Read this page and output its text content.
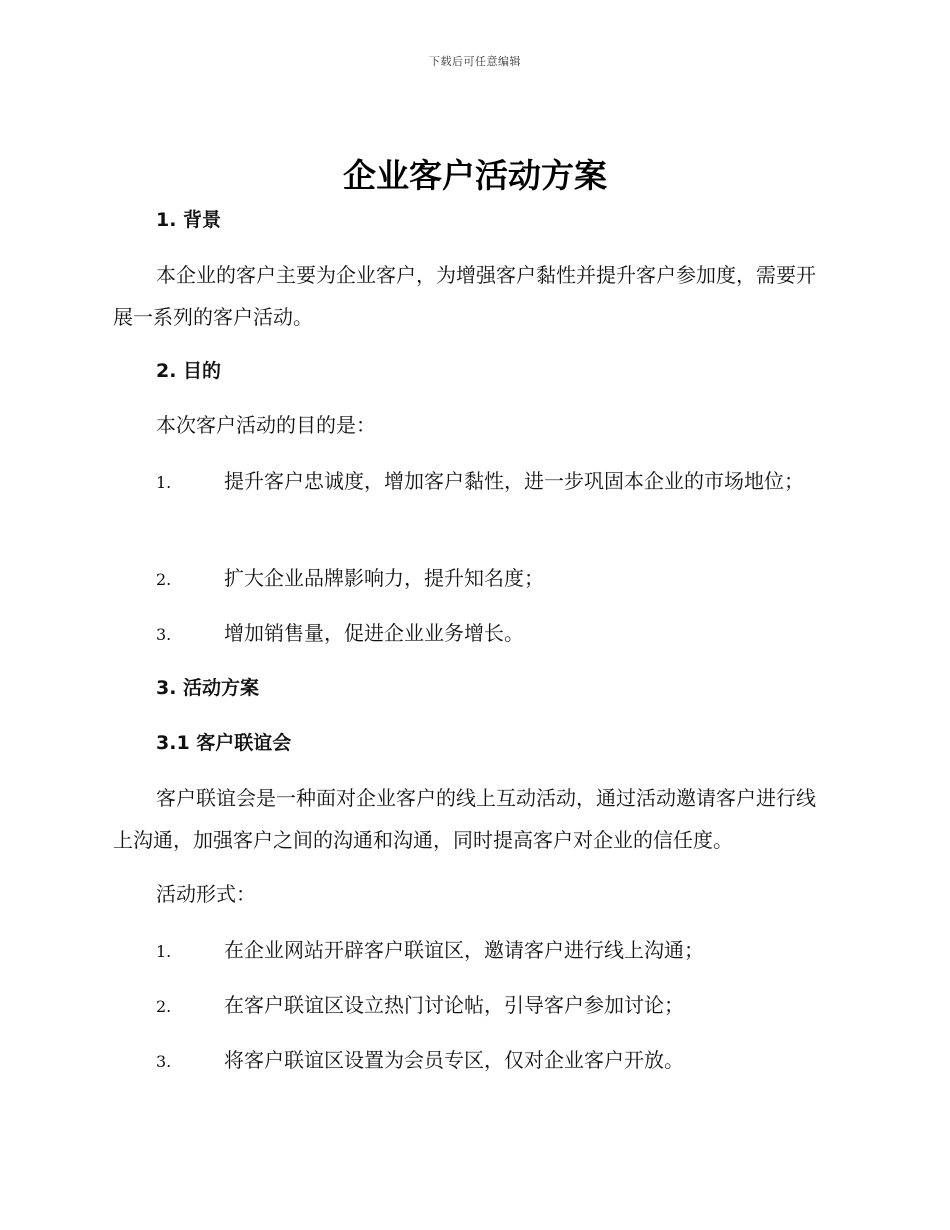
下载后可任意编辑
企业客户活动方案
1. 背景

本企业的客户主要为企业客户，为增强客户黏性并提升客户参加度，需要开展一系列的客户活动。

2. 目的

本次客户活动的目的是：

1.	提升客户忠诚度，增加客户黏性，进一步巩固本企业的市场地位；
2.	扩大企业品牌影响力，提升知名度；
3.	增加销售量，促进企业业务增长。
3. 活动方案
3.1 客户联谊会

客户联谊会是一种面对企业客户的线上互动活动，通过活动邀请客户进行线上沟通，加强客户之间的沟通和沟通，同时提高客户对企业的信任度。

活动形式：

1.	在企业网站开辟客户联谊区，邀请客户进行线上沟通；
2.	在客户联谊区设立热门讨论帖，引导客户参加讨论；
3.	将客户联谊区设置为会员专区，仅对企业客户开放。
